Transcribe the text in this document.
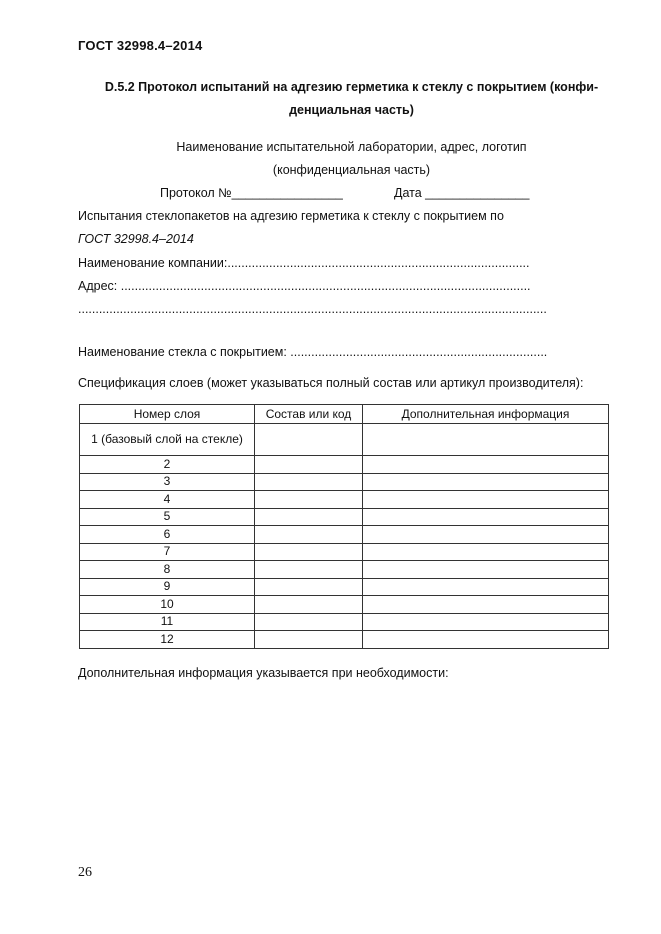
ГОСТ 32998.4–2014
D.5.2 Протокол испытаний на адгезию герметика к стеклу с покрытием (конфиденциальная часть)
Наименование испытательной лаборатории, адрес, логотип
(конфиденциальная часть)
Протокол №________________	Дата _______________
Испытания стеклопакетов на адгезию герметика к стеклу с покрытием по
ГОСТ 32998.4–2014
Наименование компании:.......................................................................................
Адрес: ......................................................................................................................
.......................................................................................................................................
Наименование стекла с покрытием: ..........................................................................
Спецификация слоев (может указываться полный состав или артикул производителя):
Номер слоя	Состав или код	Дополнительная информация
1 (базовый слой на стекле)		
2		
3		
4		
5		
6		
7		
8		
9		
10		
11		
12		
Дополнительная информация указывается при необходимости:
26
